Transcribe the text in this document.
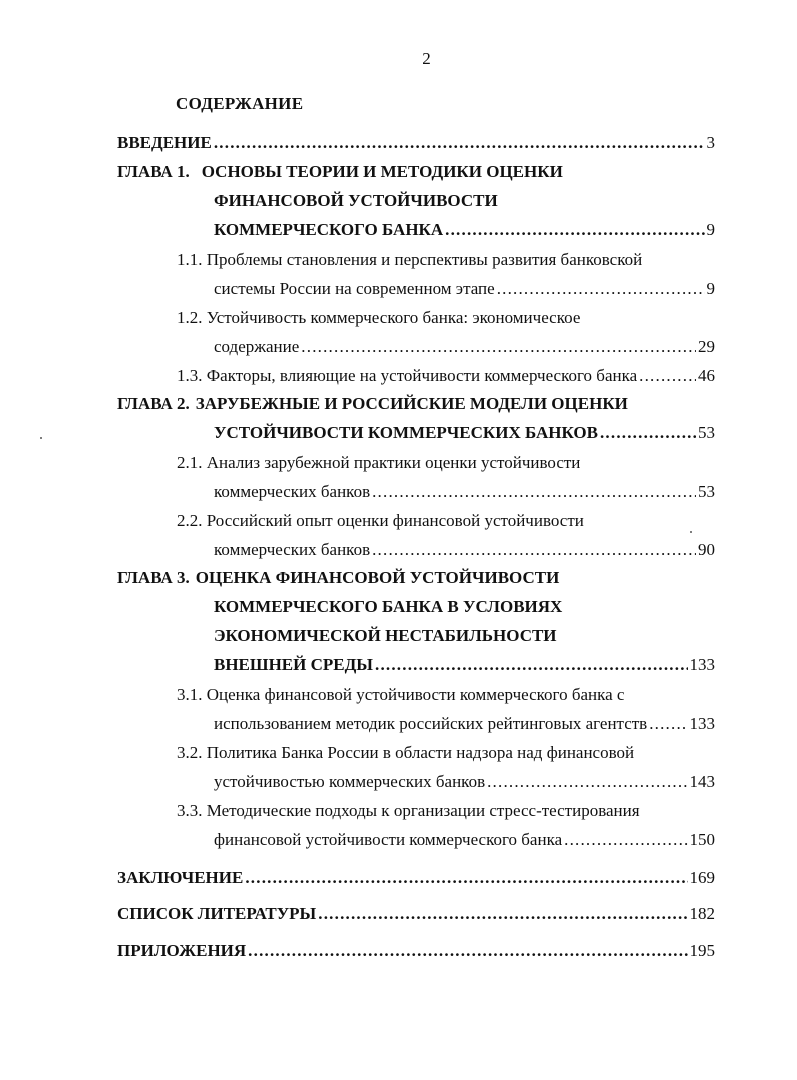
2
СОДЕРЖАНИЕ
ВВЕДЕНИЕ .....	3
ГЛАВА 1. ОСНОВЫ ТЕОРИИ И МЕТОДИКИ ОЦЕНКИ
ФИНАНСОВОЙ УСТОЙЧИВОСТИ
КОММЕРЧЕСКОГО БАНКА .....	9
1.1. Проблемы становления и перспективы развития банковской
системы России на современном этапе .....	9
1.2. Устойчивость коммерческого банка: экономическое
содержание .....	29
1.3. Факторы, влияющие на устойчивости коммерческого банка .....	46
ГЛАВА 2. ЗАРУБЕЖНЫЕ И РОССИЙСКИЕ МОДЕЛИ ОЦЕНКИ
УСТОЙЧИВОСТИ КОММЕРЧЕСКИХ БАНКОВ .....	53
2.1. Анализ зарубежной практики оценки устойчивости
коммерческих банков .....	53
2.2. Российский опыт оценки финансовой устойчивости
коммерческих банков .....	90
ГЛАВА 3. ОЦЕНКА ФИНАНСОВОЙ УСТОЙЧИВОСТИ
КОММЕРЧЕСКОГО БАНКА В УСЛОВИЯХ
ЭКОНОМИЧЕСКОЙ НЕСТАБИЛЬНОСТИ
ВНЕШНЕЙ СРЕДЫ .....	133
3.1. Оценка финансовой устойчивости коммерческого банка с
использованием методик российских рейтинговых агентств ..... 133
3.2. Политика Банка России в области надзора над финансовой
устойчивостью коммерческих банков .....	143
3.3. Методические подходы к организации стресс-тестирования
финансовой устойчивости коммерческого банка .....	150
ЗАКЛЮЧЕНИЕ .....	169
СПИСОК ЛИТЕРАТУРЫ .....	182
ПРИЛОЖЕНИЯ .....	195
